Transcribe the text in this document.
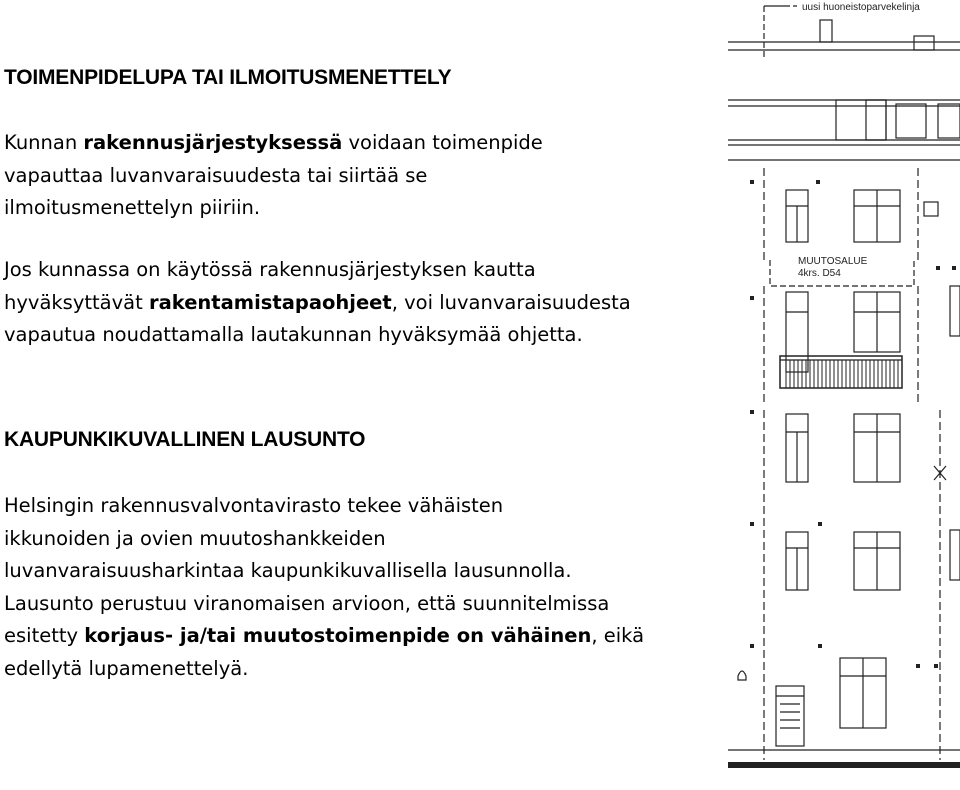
TOIMENPIDELUPA TAI ILMOITUSMENETTELY

Kunnan rakennusjärjestyksessä voidaan toimenpide
vapauttaa luvanvaraisuudesta tai siirtää se
ilmoitusmenettelyn piiriin.

Jos kunnassa on käytössä rakennusjärjestyksen kautta
hyväksyttävät rakentamistapaohjeet, voi luvanvaraisuudesta
vapautua noudattamalla lautakunnan hyväksymää ohjetta.

KAUPUNKIKUVALLINEN LAUSUNTO

Helsingin rakennusvalvontavirasto tekee vähäisten
ikkunoiden ja ovien muutoshankkeiden
luvanvaraisuusharkintaa kaupunkikuvallisella lausunnolla.
Lausunto perustuu viranomaisen arvioon, että suunnitelmissa
esitetty korjaus- ja/tai muutostoimenpide on vähäinen, eikä
edellytä lupamenettelyä.

uusi huoneistoparvekelinja
MUUTOSALUE
4krs. D54
